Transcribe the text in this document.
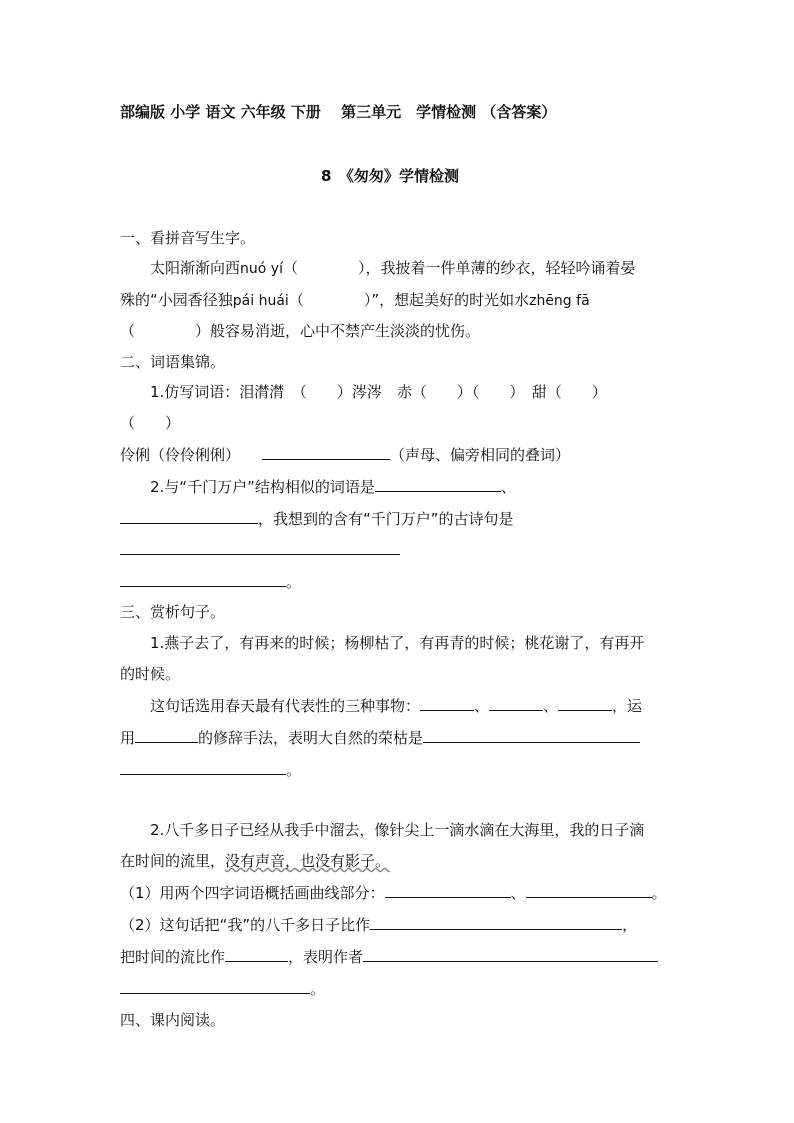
部编版 小学 语文 六年级 下册　 第三单元　学情检测 （含答案）
8　《匆匆》学情检测
一、看拼音写生字。
太阳渐渐向西nuó yí（　　　　），我披着一件单薄的纱衣，轻轻吟诵着晏
殊的“小园香径独pái huái（　　　　）”，想起美好的时光如水zhēng fā
（　　　　）般容易消逝，心中不禁产生淡淡的忧伤。
二、词语集锦。
1.仿写词语：泪潸潸　（　　）涔涔　赤（　　）（　　）　甜（　　）
（　　）
伶俐（伶伶俐俐）	（声母、偏旁相同的叠词）
2.与“千门万户”结构相似的词语是	、
，我想到的含有“千门万户”的古诗句是
。
三、赏析句子。
1.燕子去了，有再来的时候；杨柳枯了，有再青的时候；桃花谢了，有再开
的时候。
这句话选用春天最有代表性的三种事物：	、	、	，运
用	的修辞手法，表明大自然的荣枯是
。
2.八千多日子已经从我手中溜去，像针尖上一滴水滴在大海里，我的日子滴
在时间的流里，没有声音，也没有影子。
（1）用两个四字词语概括画曲线部分：	、	。
（2）这句话把“我”的八千多日子比作	，
把时间的流比作	，表明作者
。
四、课内阅读。
